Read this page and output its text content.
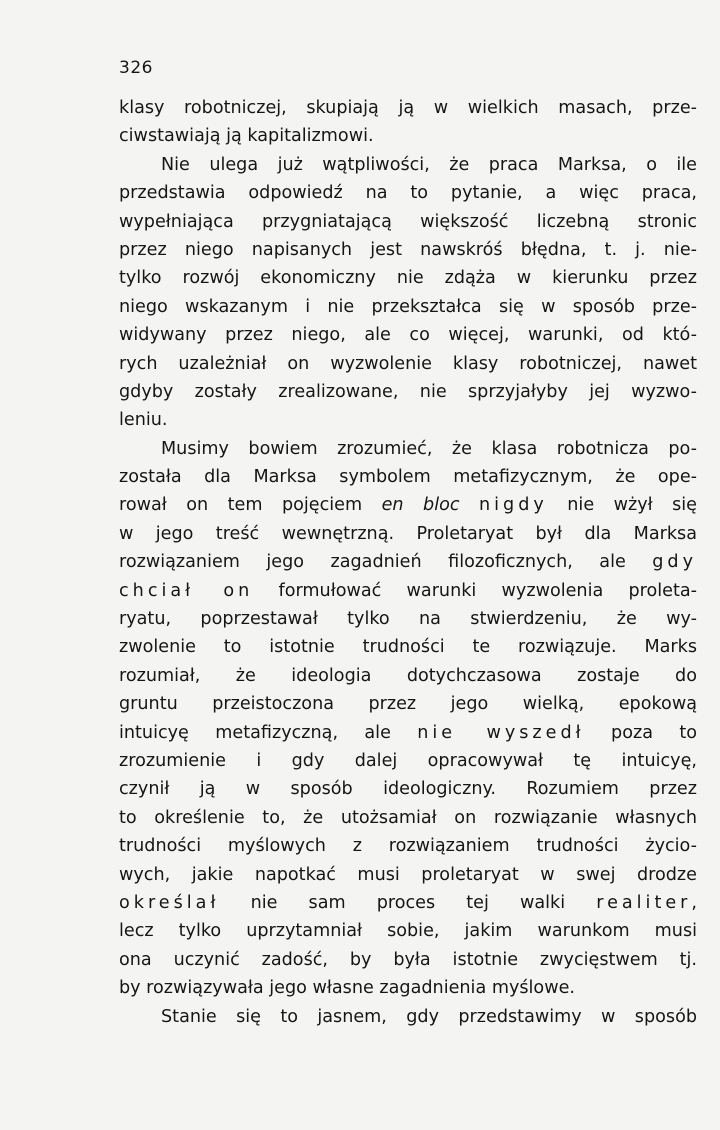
326
klasy robotniczej, skupiają ją w wielkich masach, prze-
ciwstawiają ją kapitalizmowi.
Nie ulega już wątpliwości, że praca Marksa, o ile
przedstawia odpowiedź na to pytanie, a więc praca,
wypełniająca przygniatającą większość liczebną stronic
przez niego napisanych jest nawskróś błędna, t. j. nie-
tylko rozwój ekonomiczny nie zdąża w kierunku przez
niego wskazanym i nie przekształca się w sposób prze-
widywany przez niego, ale co więcej, warunki, od któ-
rych uzależniał on wyzwolenie klasy robotniczej, nawet
gdyby zostały zrealizowane, nie sprzyjałyby jej wyzwo-
leniu.
Musimy bowiem zrozumieć, że klasa robotnicza po-
została dla Marksa symbolem metafizycznym, że ope-
rował on tem pojęciem en bloc nigdy nie wżył się
w jego treść wewnętrzną. Proletaryat był dla Marksa
rozwiązaniem jego zagadnień filozoficznych, ale gdy
chciał on formułować warunki wyzwolenia proleta-
ryatu, poprzestawał tylko na stwierdzeniu, że wy-
zwolenie to istotnie trudności te rozwiązuje. Marks
rozumiał, że ideologia dotychczasowa zostaje do
gruntu przeistoczona przez jego wielką, epokową
intuicyę metafizyczną, ale nie wyszedł poza to
zrozumienie i gdy dalej opracowywał tę intuicyę,
czynił ją w sposób ideologiczny. Rozumiem przez
to określenie to, że utożsamiał on rozwiązanie własnych
trudności myślowych z rozwiązaniem trudności życio-
wych, jakie napotkać musi proletaryat w swej drodze
określał nie sam proces tej walki realiter,
lecz tylko uprzytamniał sobie, jakim warunkom musi
ona uczynić zadość, by była istotnie zwycięstwem tj.
by rozwiązywała jego własne zagadnienia myślowe.
Stanie się to jasnem, gdy przedstawimy w sposób
